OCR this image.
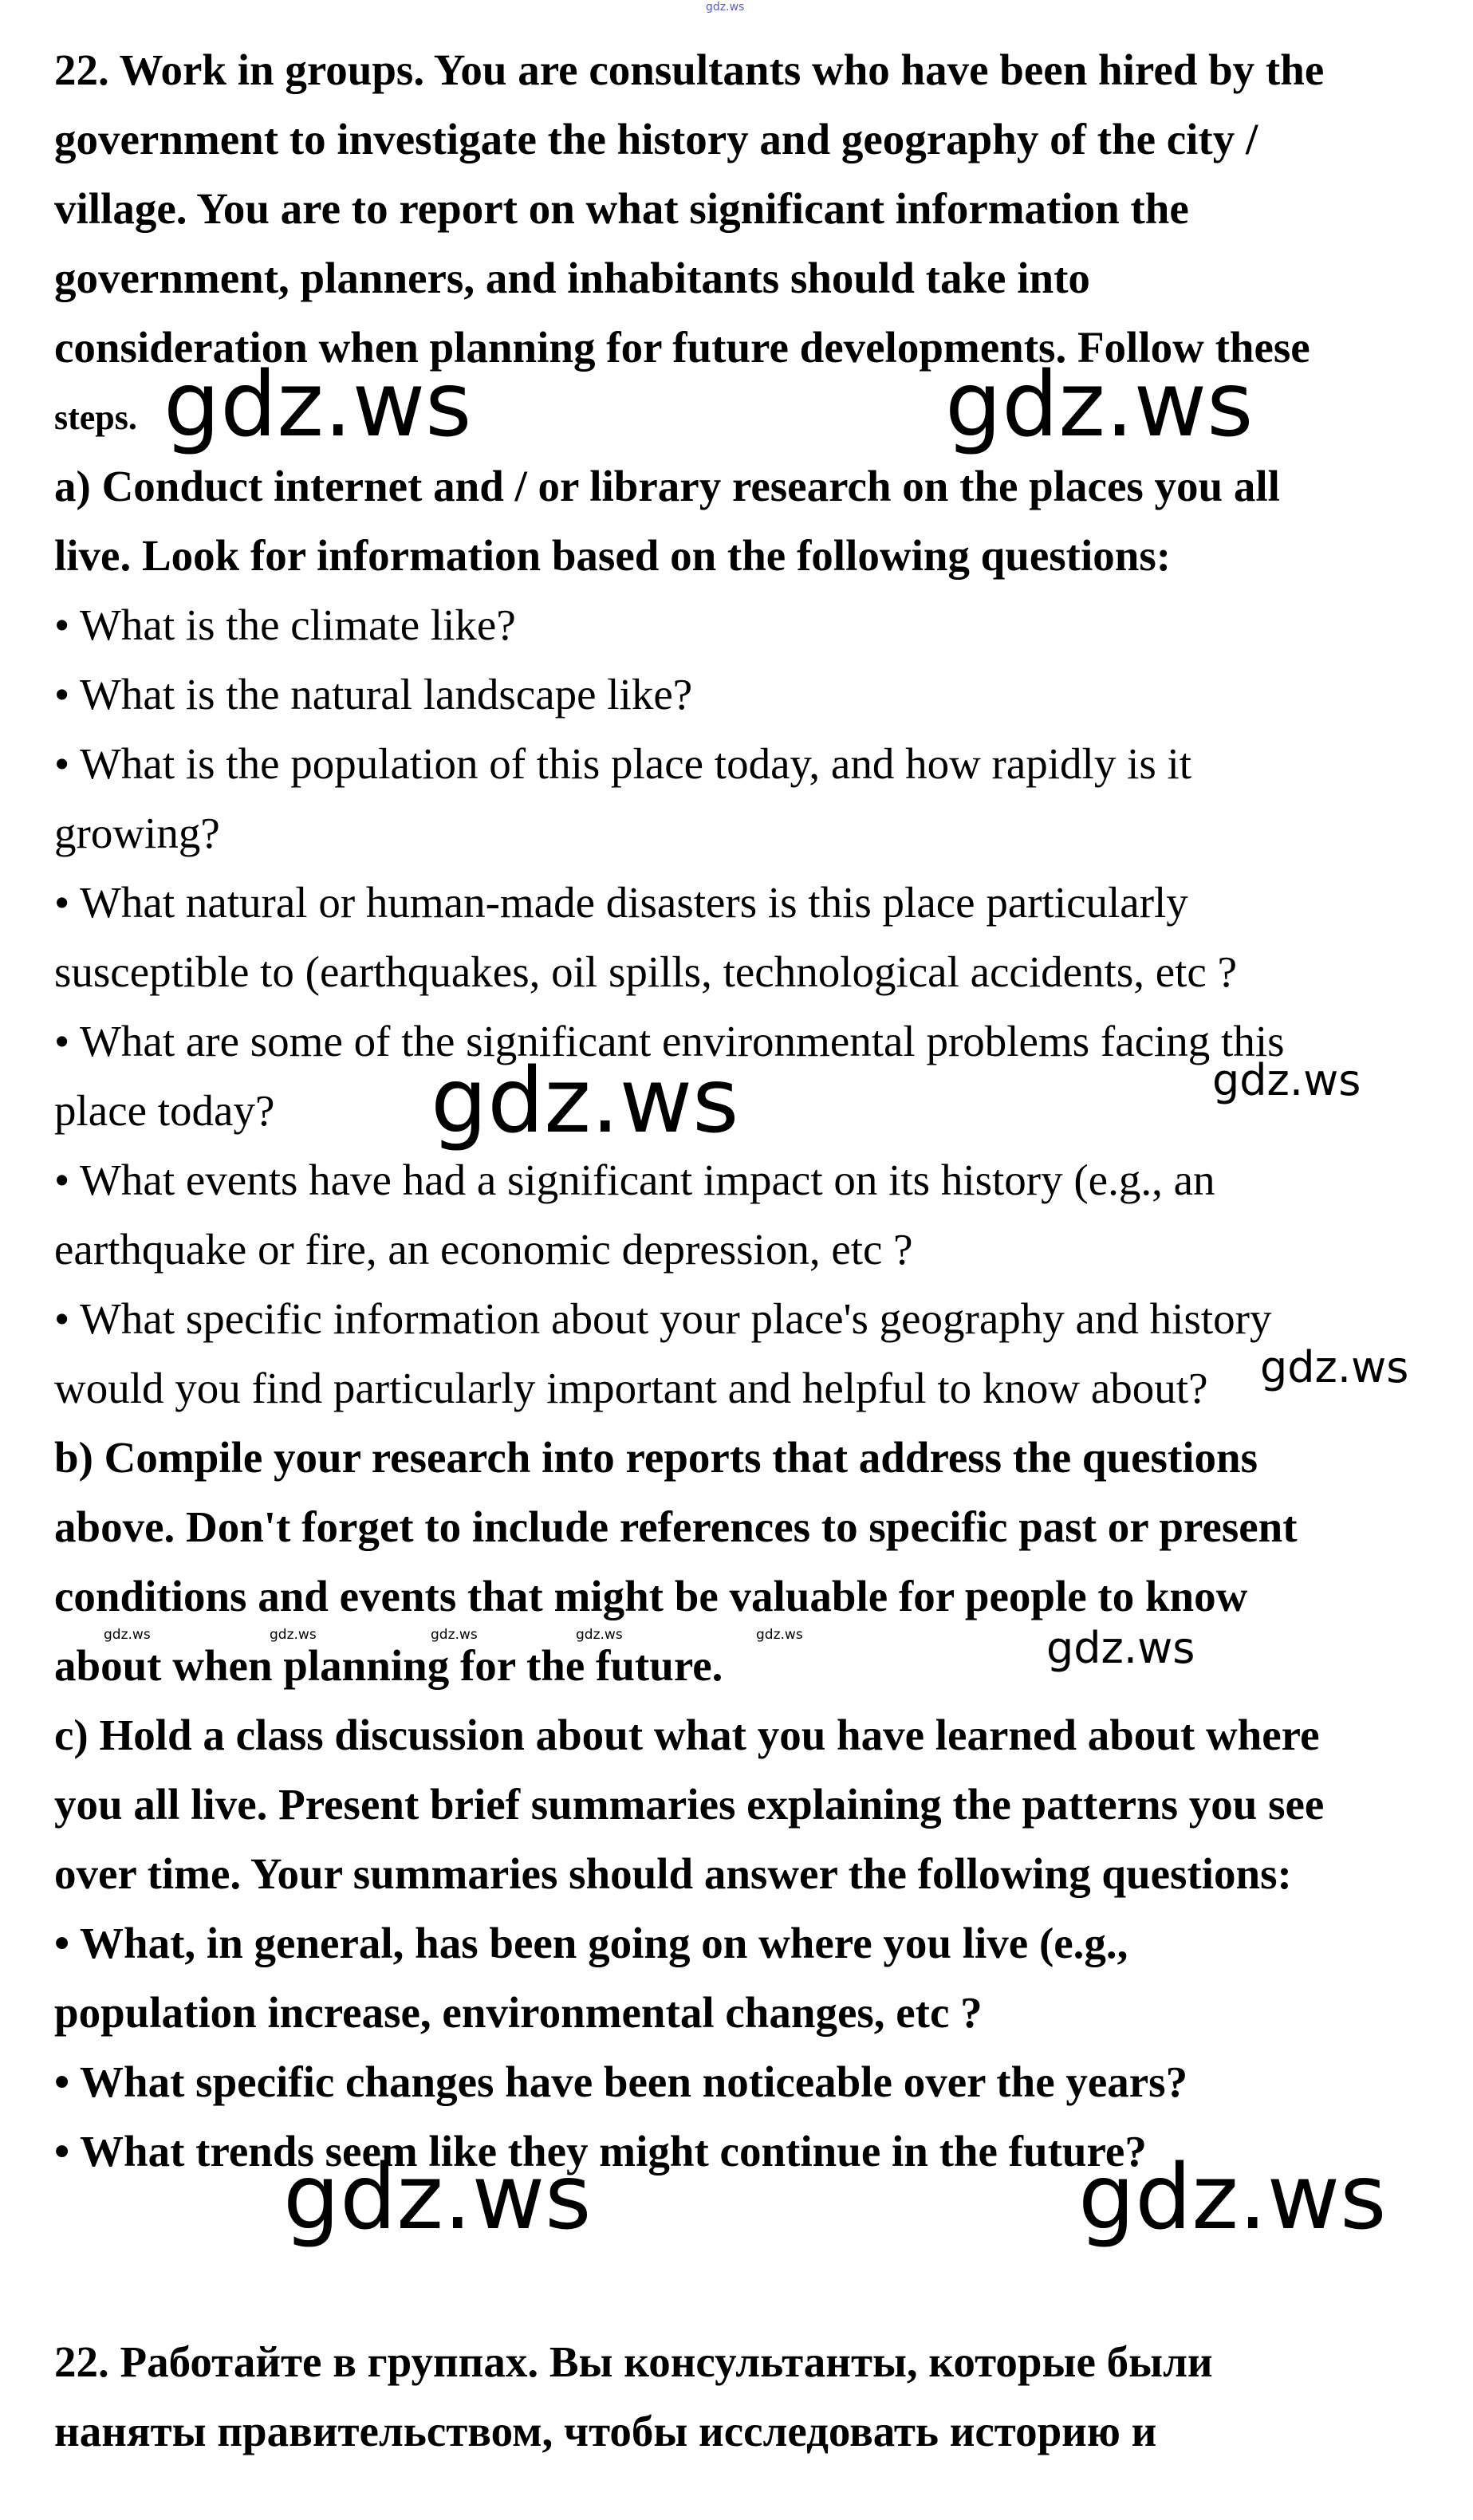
22. Work in groups. You are consultants who have been hired by the
government to investigate the history and geography of the city /
village. You are to report on what significant information the
government, planners, and inhabitants should take into
consideration when planning for future developments. Follow these
steps.
a) Conduct internet and / or library research on the places you all
live. Look for information based on the following questions:
• What is the climate like?
• What is the natural landscape like?
• What is the population of this place today, and how rapidly is it
growing?
• What natural or human-made disasters is this place particularly
susceptible to (earthquakes, oil spills, technological accidents, etc ?
• What are some of the significant environmental problems facing this
place today?
• What events have had a significant impact on its history (e.g., an
earthquake or fire, an economic depression, etc ?
• What specific information about your place's geography and history
would you find particularly important and helpful to know about?
b) Compile your research into reports that address the questions
above. Don't forget to include references to specific past or present
conditions and events that might be valuable for people to know
about when planning for the future.
c) Hold a class discussion about what you have learned about where
you all live. Present brief summaries explaining the patterns you see
over time. Your summaries should answer the following questions:
• What, in general, has been going on where you live (e.g.,
population increase, environmental changes, etc ?
• What specific changes have been noticeable over the years?
• What trends seem like they might continue in the future?
22. Работайте в группах. Вы консультанты, которые были
наняты правительством, чтобы исследовать историю и
gdz.ws
gdz.ws	gdz.ws
gdz.ws	gdz.ws
gdz.ws
gdz.ws	gdz.ws	gdz.ws	gdz.ws	gdz.ws	gdz.ws
gdz.ws	gdz.ws
